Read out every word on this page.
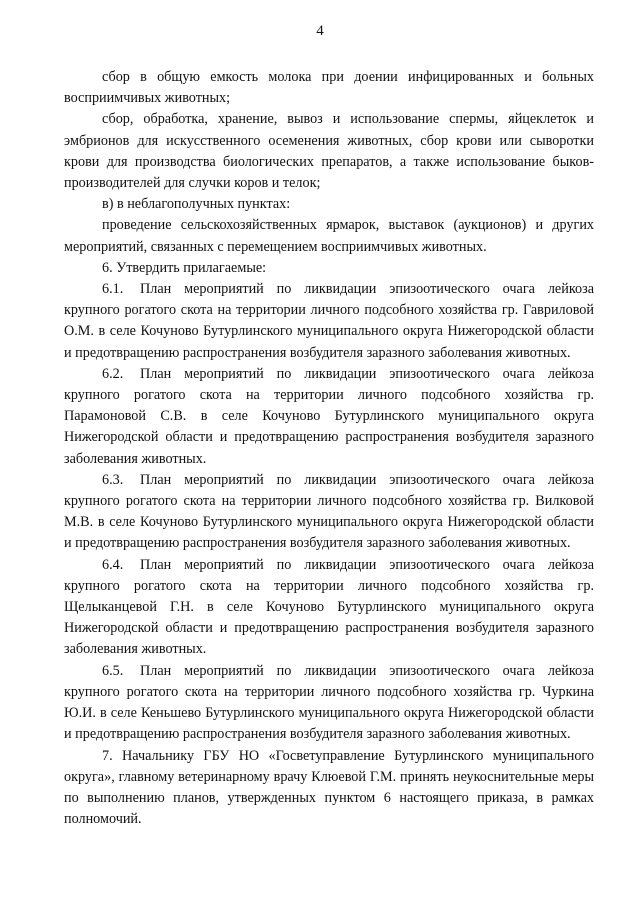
4

сбор в общую емкость молока при доении инфицированных и больных восприимчивых животных;

сбор, обработка, хранение, вывоз и использование спермы, яйцеклеток и эмбрионов для искусственного осеменения животных, сбор крови или сыворотки крови для производства биологических препаратов, а также использование быков-производителей для случки коров и телок;

в) в неблагополучных пунктах:

проведение сельскохозяйственных ярмарок, выставок (аукционов) и других мероприятий, связанных с перемещением восприимчивых животных.

6. Утвердить прилагаемые:

6.1. План мероприятий по ликвидации эпизоотического очага лейкоза крупного рогатого скота на территории личного подсобного хозяйства гр. Гавриловой О.М. в селе Кочуново Бутурлинского муниципального округа Нижегородской области и предотвращению распространения возбудителя заразного заболевания животных.

6.2. План мероприятий по ликвидации эпизоотического очага лейкоза крупного рогатого скота на территории личного подсобного хозяйства гр. Парамоновой С.В. в селе Кочуново Бутурлинского муниципального округа Нижегородской области и предотвращению распространения возбудителя заразного заболевания животных.

6.3. План мероприятий по ликвидации эпизоотического очага лейкоза крупного рогатого скота на территории личного подсобного хозяйства гр. Вилковой М.В. в селе Кочуново Бутурлинского муниципального округа Нижегородской области и предотвращению распространения возбудителя заразного заболевания животных.

6.4. План мероприятий по ликвидации эпизоотического очага лейкоза крупного рогатого скота на территории личного подсобного хозяйства гр. Щелыканцевой Г.Н. в селе Кочуново Бутурлинского муниципального округа Нижегородской области и предотвращению распространения возбудителя заразного заболевания животных.

6.5. План мероприятий по ликвидации эпизоотического очага лейкоза крупного рогатого скота на территории личного подсобного хозяйства гр. Чуркина Ю.И. в селе Кеньшево Бутурлинского муниципального округа Нижегородской области и предотвращению распространения возбудителя заразного заболевания животных.

7. Начальнику ГБУ НО «Госветуправление Бутурлинского муниципального округа», главному ветеринарному врачу Клюевой Г.М. принять неукоснительные меры по выполнению планов, утвержденных пунктом 6 настоящего приказа, в рамках полномочий.
